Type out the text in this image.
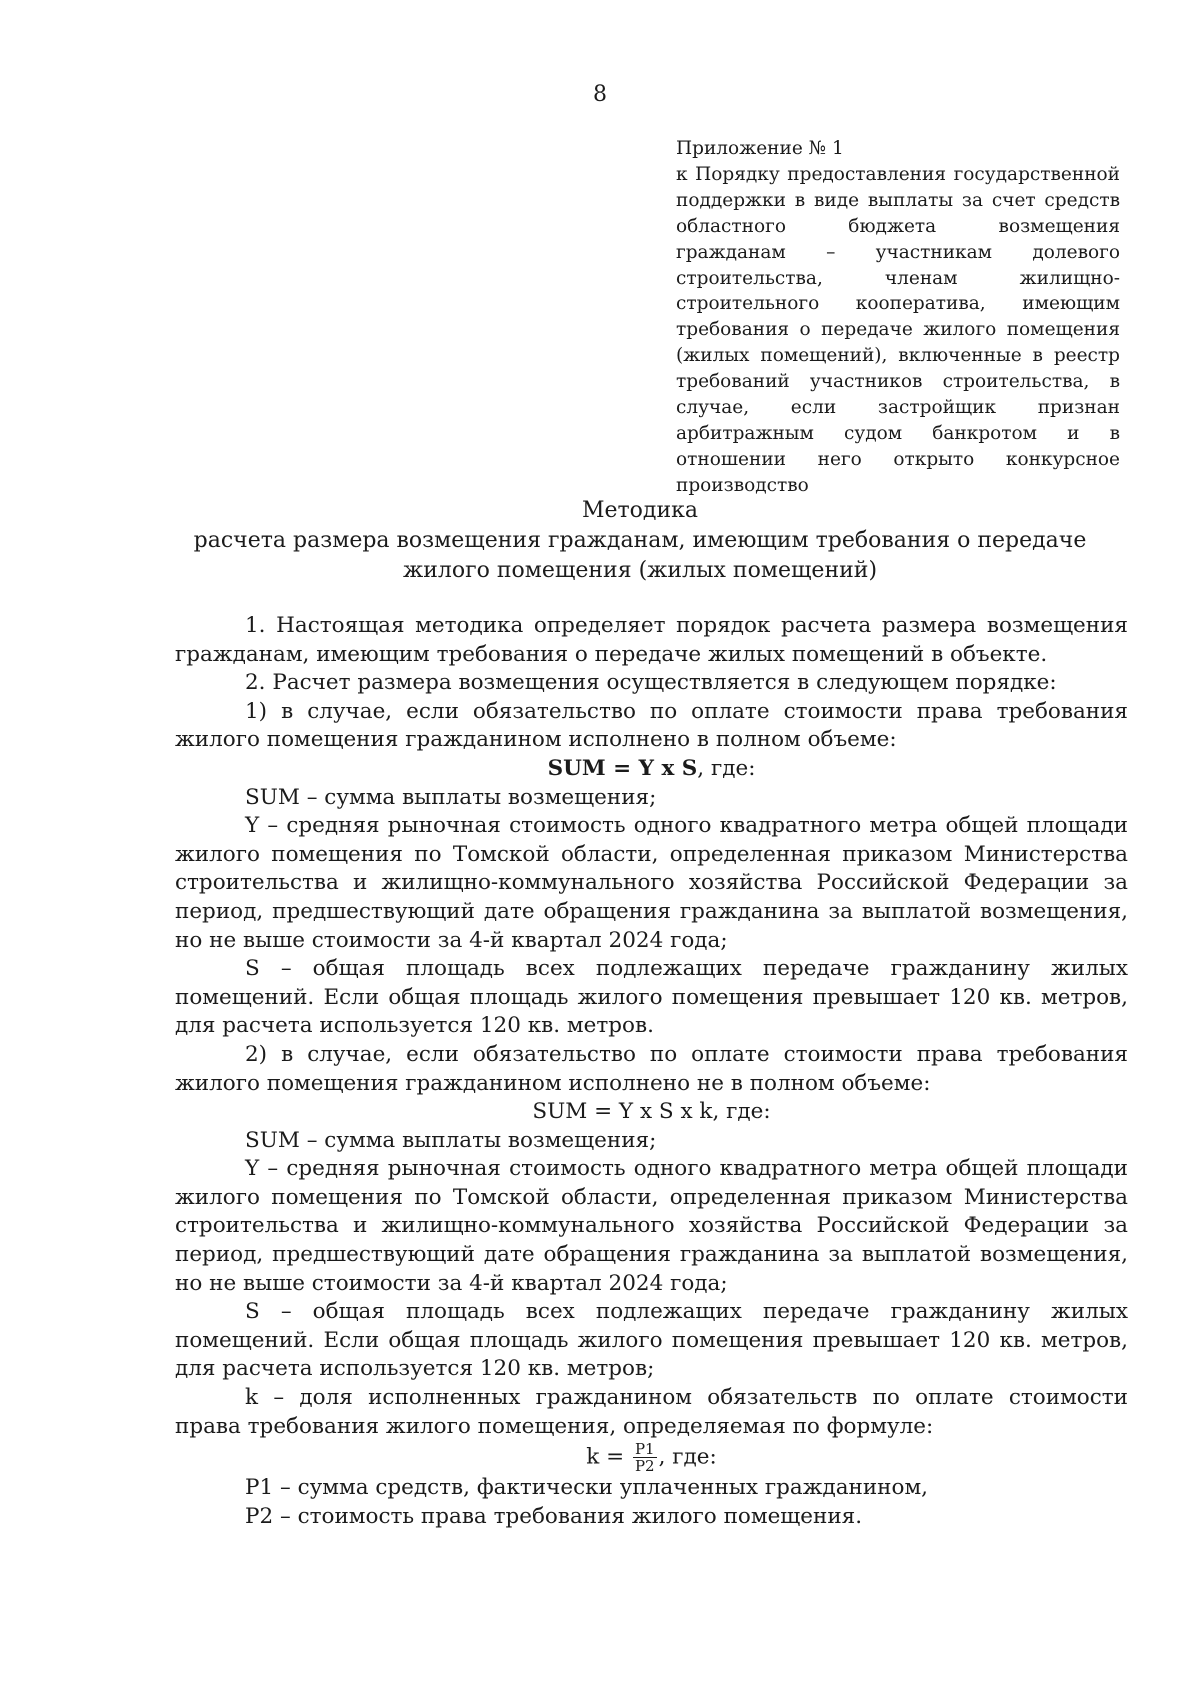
8
Приложение № 1
к Порядку предоставления государственной поддержки в виде выплаты за счет средств областного бюджета возмещения гражданам – участникам долевого строительства, членам жилищно-строительного кооператива, имеющим требования о передаче жилого помещения (жилых помещений), включенные в реестр требований участников строительства, в случае, если застройщик признан арбитражным судом банкротом и в отношении него открыто конкурсное производство
Методика
расчета размера возмещения гражданам, имеющим требования о передаче жилого помещения (жилых помещений)

1. Настоящая методика определяет порядок расчета размера возмещения гражданам, имеющим требования о передаче жилых помещений в объекте.

2. Расчет размера возмещения осуществляется в следующем порядке:

1) в случае, если обязательство по оплате стоимости права требования жилого помещения гражданином исполнено в полном объеме:

SUM = Y x S, где:

SUM – сумма выплаты возмещения;

Y – средняя рыночная стоимость одного квадратного метра общей площади жилого помещения по Томской области, определенная приказом Министерства строительства и жилищно-коммунального хозяйства Российской Федерации за период, предшествующий дате обращения гражданина за выплатой возмещения, но не выше стоимости за 4-й квартал 2024 года;

S – общая площадь всех подлежащих передаче гражданину жилых помещений. Если общая площадь жилого помещения превышает 120 кв. метров, для расчета используется 120 кв. метров.

2) в случае, если обязательство по оплате стоимости права требования жилого помещения гражданином исполнено не в полном объеме:

SUM = Y x S x k, где:

SUM – сумма выплаты возмещения;

Y – средняя рыночная стоимость одного квадратного метра общей площади жилого помещения по Томской области, определенная приказом Министерства строительства и жилищно-коммунального хозяйства Российской Федерации за период, предшествующий дате обращения гражданина за выплатой возмещения, но не выше стоимости за 4-й квартал 2024 года;

S – общая площадь всех подлежащих передаче гражданину жилых помещений. Если общая площадь жилого помещения превышает 120 кв. метров, для расчета используется 120 кв. метров;

k – доля исполненных гражданином обязательств по оплате стоимости права требования жилого помещения, определяемая по формуле:

$k = \frac{P1}{P2}$ , где:

P1 – сумма средств, фактически уплаченных гражданином,

P2 – стоимость права требования жилого помещения.
